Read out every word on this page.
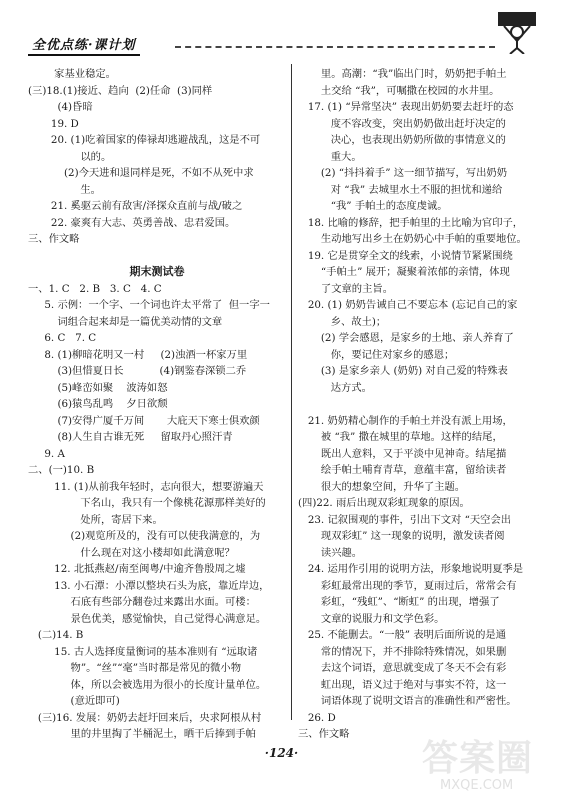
全优点练·课计划
家基业稳定。
(三)18.(1)接近、趋向  (2)任命  (3)同样
(4)昏暗
19. D
20. (1)吃着国家的俸禄却逃避战乱，这是不可
以的。
(2)今天进和退同样是死，不如不从死中求
生。
21. 奚驱云前有敌害/泽探众直前与战/破之
22. 豪爽有大志、英勇善战、忠君爱国。
三、作文略
期末测试卷
一、1. C   2. B   3. C   4. C
5. 示例：一个字、一个词也许太平常了  但一字一
词组合起来却是一篇优美动情的文章
6. C   7. C
8. (1)柳暗花明又一村     (2)浊酒一杯家万里
(3)但惜夏日长           (4)钢鉴春深锁二乔
(5)峰峦如聚    波涛如怒
(6)猿鸟乱鸣    夕日欲颓
(7)安得广厦千万间       大庇天下寒士俱欢颜
(8)人生自古谁无死     留取丹心照汗青
9. A
二、(一)10. B
11. (1)从前我年轻时，志向很大，想要游遍天
下名山，我只有一个像桃花源那样美好的
处所，寄居下来。
(2)观览所及的，没有可以使我满意的，为
什么现在对这小楼却如此满意呢？
12. 北抵燕赵/南至闽粤/中逾齐鲁殷周之墟
13. 小石潭：小潭以整块石头为底，靠近岸边，
石底有些部分翻卷过来露出水面。可楼：
景色优美，感觉愉快，自己觉得心满意足。
(二)14. B
15. 古人选择度量衡词的基本准则有 “远取诸
物”。“丝”“毫”当时都是常见的微小物
体，所以会被选用为很小的长度计量单位。
(意近即可)
(三)16. 发展：奶奶去赶圩回来后，央求阿根从村
里的井里掏了半桶泥土，晒干后捧到手帕
里。高潮：“我”临出门时，奶奶把手帕土
土交给 “我”，可嘱撒在校园的水井里。
17. (1) “异常坚决” 表现出奶奶要去赶圩的态
度不容改变，突出奶奶做出赶圩决定的
决心，也表现出奶奶所做的事情意义的
重大。
(2) “抖抖着手” 这一细节描写，写出奶奶
对 “我” 去城里水土不服的担忧和递给
“我” 手帕土的态度虔诚。
18. 比喻的修辞，把手帕里的土比喻为官印子，
生动地写出乡土在奶奶心中手帕的重要地位。
19. 它是贯穿全文的线索，小说情节紧紧围绕
“手帕土” 展开；凝聚着浓郁的亲情，体现
了文章的主旨。
20. (1) 奶奶告诫自己不要忘本 (忘记自己的家
乡、故土)；
(2) 学会感恩，是家乡的土地、亲人养育了
你，要记住对家乡的感恩；
(3) 是家乡亲人 (奶奶) 对自己爱的特殊表
达方式。
21. 奶奶精心制作的手帕土并没有派上用场，
被 “我” 撒在城里的草地。这样的结尾，
既出人意料，又于平淡中见神奇。结尾描
绘手帕土哺育青草，意蕴丰富，留给读者
很大的想象空间，升华了主题。
(四)22. 雨后出现双彩虹现象的原因。
23. 记叙围观的事件，引出下文对 “天空会出
现双彩虹” 这一现象的说明，激发读者阅
读兴趣。
24. 运用作引用的说明方法，形象地说明夏季是
彩虹最常出现的季节，夏雨过后，常常会有
彩虹，“残虹”、“断虹” 的出现，增强了
文章的说服力和文学色彩。
25. 不能删去。“一般” 表明后面所说的是通
常的情况下，并不排除特殊情况，如果删
去这个词语，意思就变成了冬天不会有彩
虹出现，语义过于绝对与事实不符，这一
词语体现了说明文语言的准确性和严密性。
26. D
三、作文略
·124·	答案圈
MXQE.COM
